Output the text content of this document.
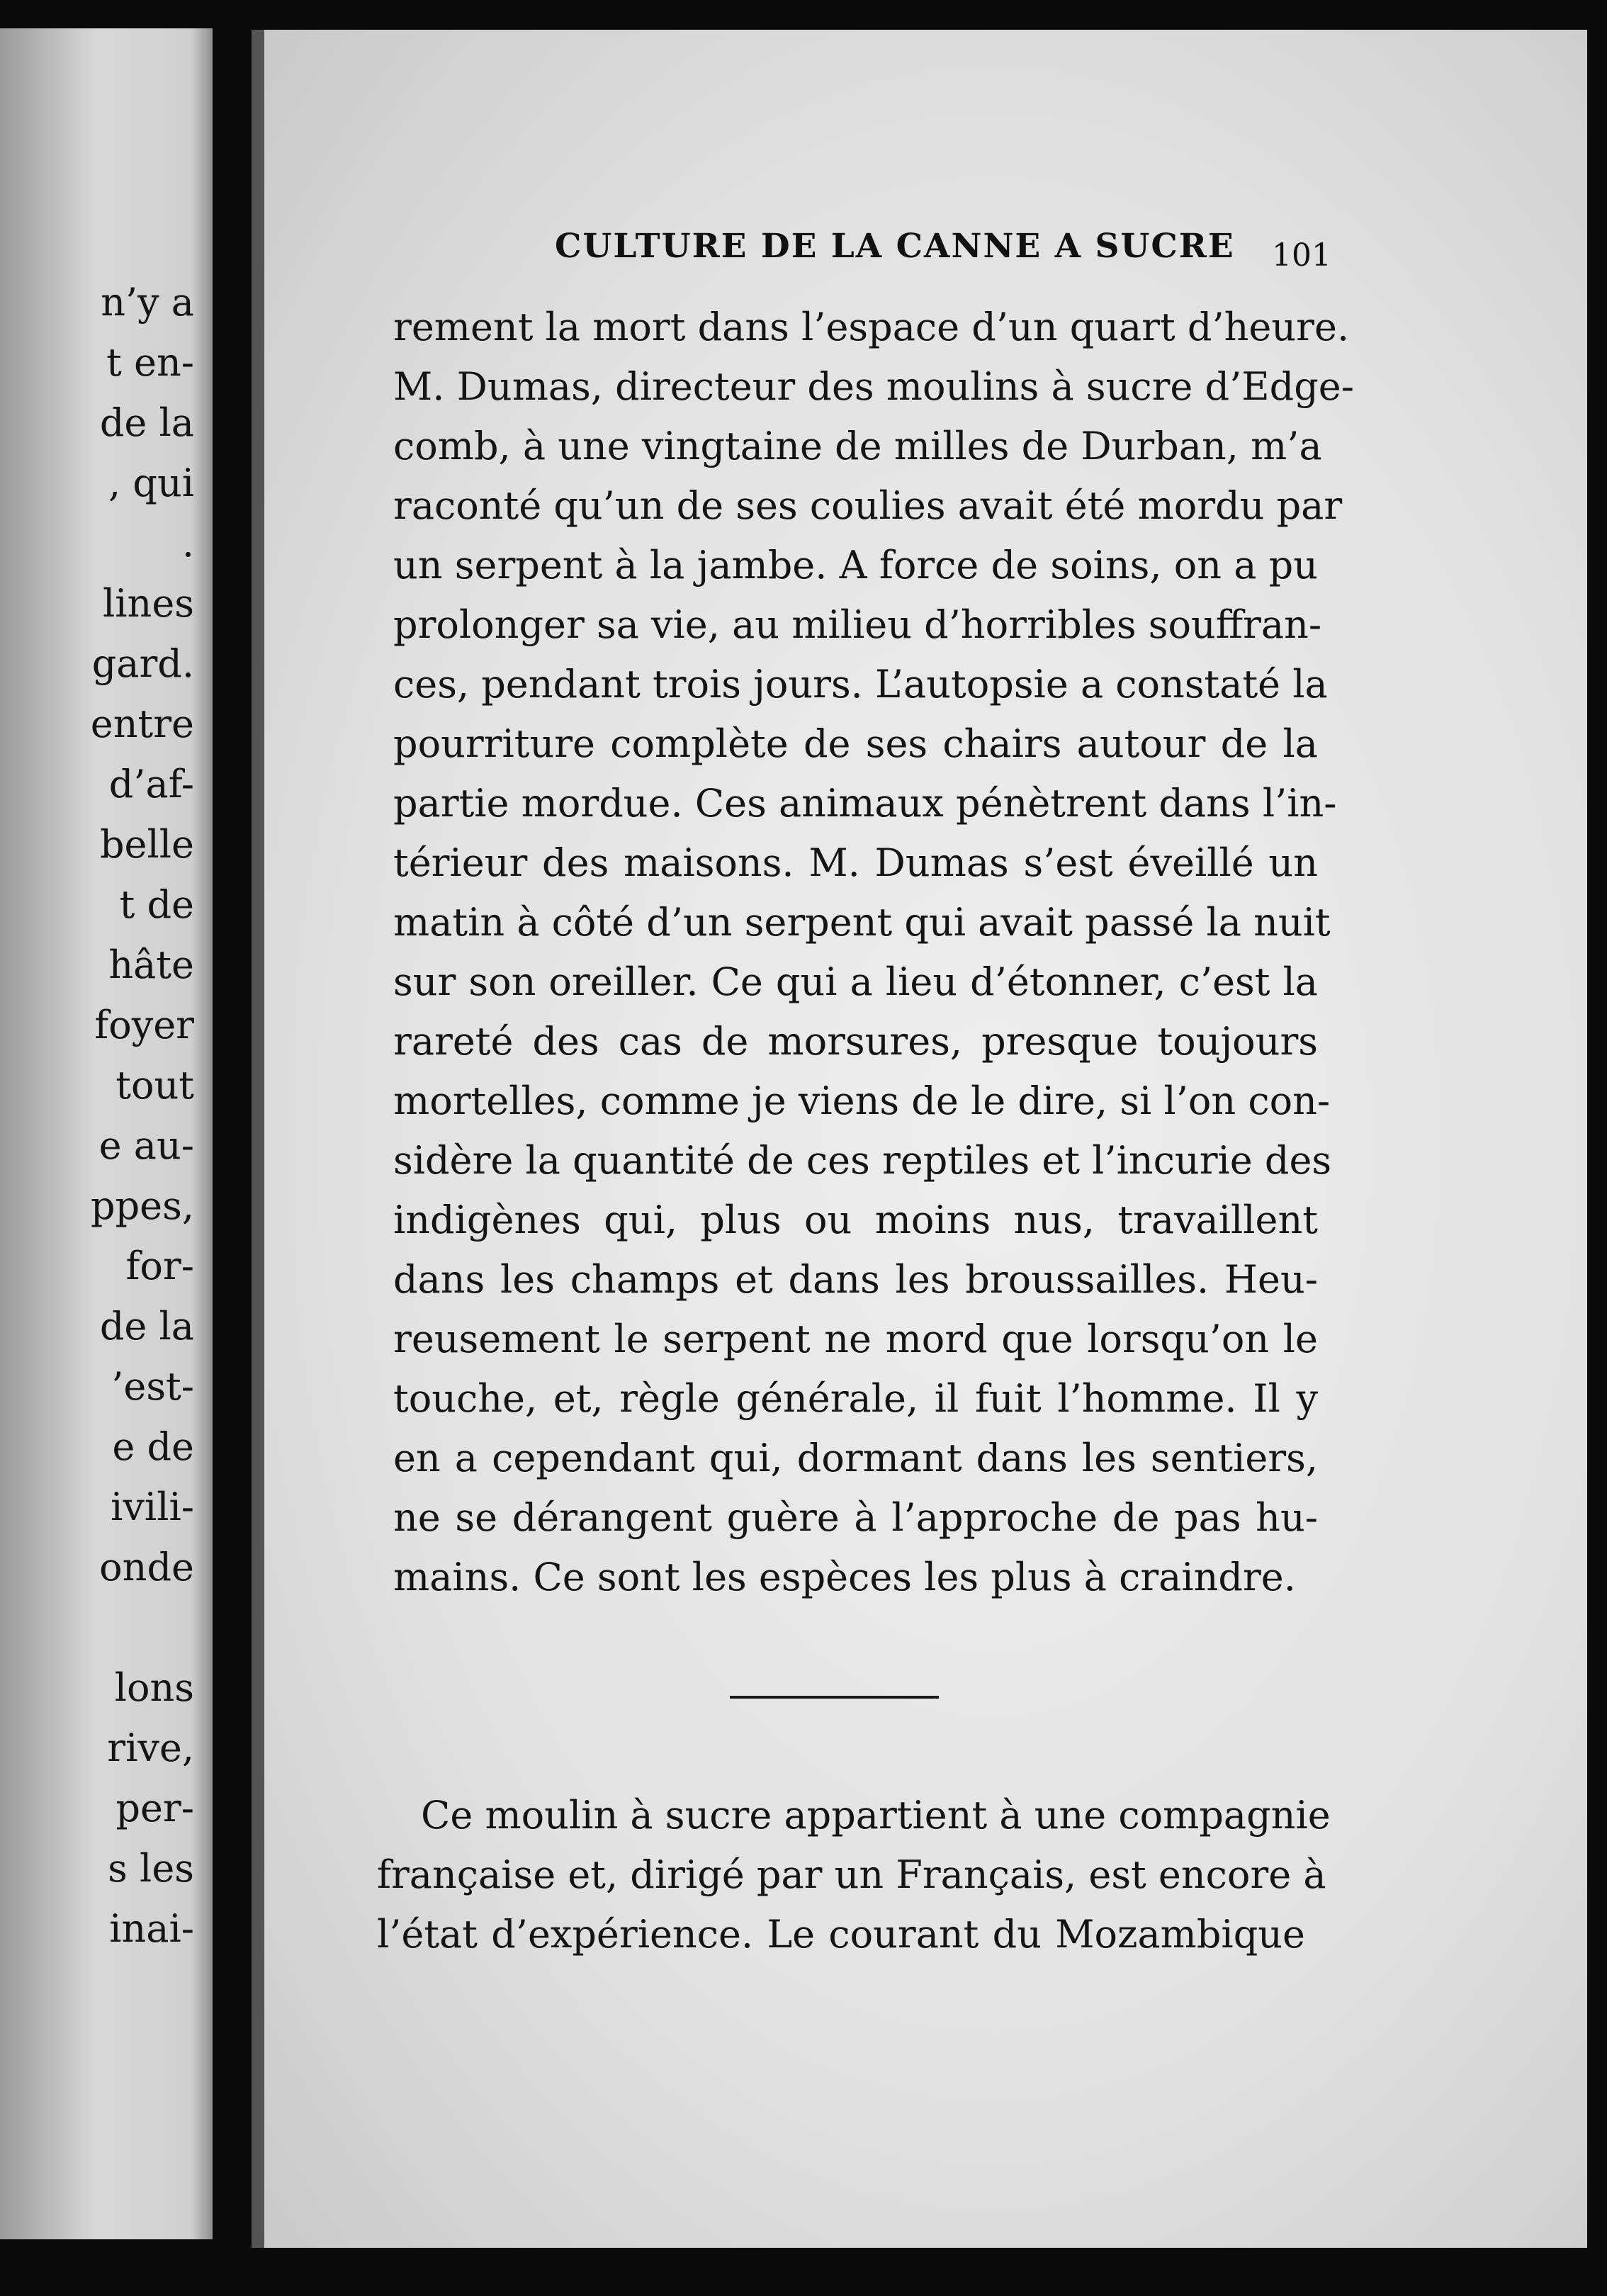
n’y a

t en-

de la

, qui

.

lines

gard.

entre

d’af-

belle

t de

hâte

foyer

tout

e au-

ppes,

for-

de la

’est-

e de

ivili-

onde

lons

rive,

per-

s les

inai-

CULTURE DE LA CANNE A SUCRE 101

rement la mort dans l’espace d’un quart d’heure.
M. Dumas, directeur des moulins à sucre d’Edge-
comb, à une vingtaine de milles de Durban, m’a
raconté qu’un de ses coulies avait été mordu par
un serpent à la jambe. A force de soins, on a pu
prolonger sa vie, au milieu d’horribles souffran-
ces, pendant trois jours. L’autopsie a constaté la
pourriture complète de ses chairs autour de la
partie mordue. Ces animaux pénètrent dans l’in-
térieur des maisons. M. Dumas s’est éveillé un
matin à côté d’un serpent qui avait passé la nuit
sur son oreiller. Ce qui a lieu d’étonner, c’est la
rareté des cas de morsures, presque toujours
mortelles, comme je viens de le dire, si l’on con-
sidère la quantité de ces reptiles et l’incurie des
indigènes qui, plus ou moins nus, travaillent
dans les champs et dans les broussailles. Heu-
reusement le serpent ne mord que lorsqu’on le
touche, et, règle générale, il fuit l’homme. Il y
en a cependant qui, dormant dans les sentiers,
ne se dérangent guère à l’approche de pas hu-
mains. Ce sont les espèces les plus à craindre.
Ce moulin à sucre appartient à une compagnie
française et, dirigé par un Français, est encore à
l’état d’expérience. Le courant du Mozambique
